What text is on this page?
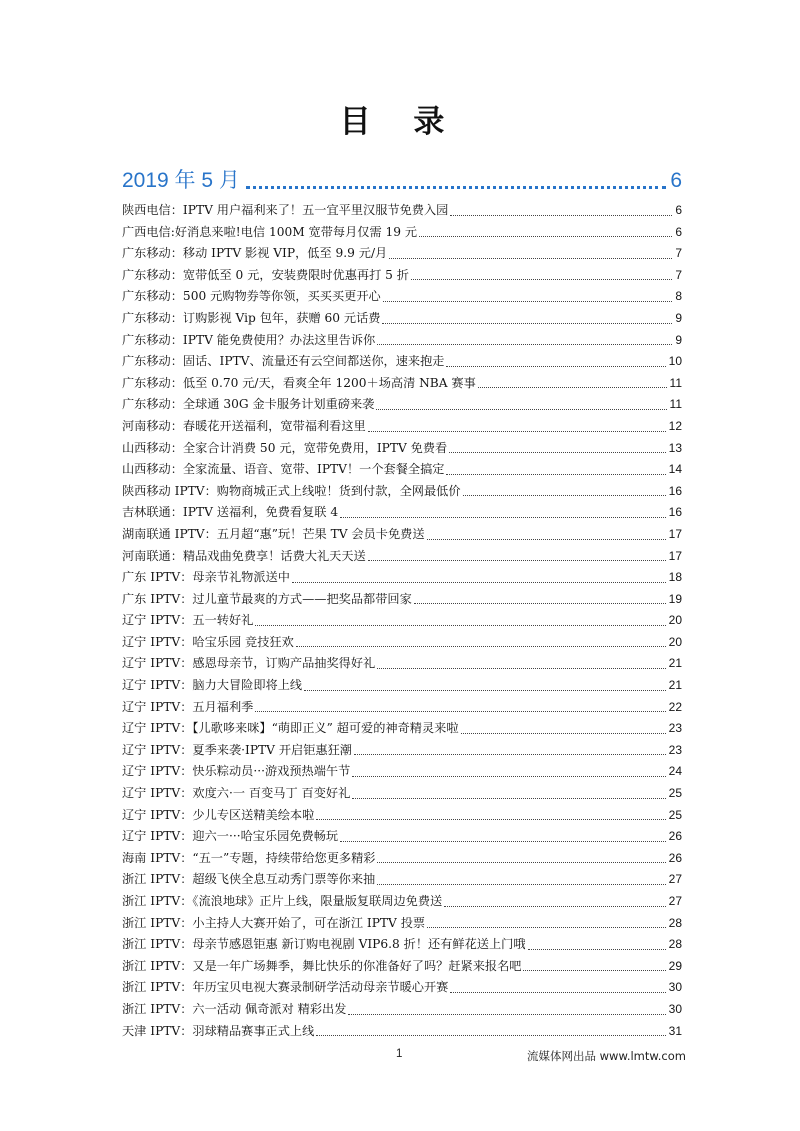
目 录
2019 年 5 月	6
陕西电信：IPTV 用户福利来了！五一宜平里汉服节免费入园	6
广西电信:好消息来啦!电信 100M 宽带每月仅需 19 元	6
广东移动：移动 IPTV 影视 VIP，低至 9.9 元/月	7
广东移动：宽带低至 0 元，安装费限时优惠再打 5 折	7
广东移动：500 元购物券等你领，买买买更开心	8
广东移动：订购影视 Vip 包年，获赠 60 元话费	9
广东移动：IPTV 能免费使用？办法这里告诉你	9
广东移动：固话、IPTV、流量还有云空间都送你，速来抱走	10
广东移动：低至 0.70 元/天，看爽全年 1200＋场高清 NBA 赛事	11
广东移动：全球通 30G 金卡服务计划重磅来袭	11
河南移动：春暖花开送福利，宽带福利看这里	12
山西移动：全家合计消费 50 元，宽带免费用，IPTV 免费看	13
山西移动：全家流量、语音、宽带、IPTV！一个套餐全搞定	14
陕西移动 IPTV：购物商城正式上线啦！货到付款，全网最低价	16
吉林联通：IPTV 送福利，免费看复联 4	16
湖南联通 IPTV：五月超“惠”玩！芒果 TV 会员卡免费送	17
河南联通：精品戏曲免费享！话费大礼天天送	17
广东 IPTV：母亲节礼物派送中	18
广东 IPTV：过儿童节最爽的方式——把奖品都带回家	19
辽宁 IPTV：五一转好礼	20
辽宁 IPTV：哈宝乐园 竞技狂欢	20
辽宁 IPTV：感恩母亲节，订购产品抽奖得好礼	21
辽宁 IPTV：脑力大冒险即将上线	21
辽宁 IPTV：五月福利季	22
辽宁 IPTV：【儿歌哆来咪】“萌即正义” 超可爱的神奇精灵来啦	23
辽宁 IPTV：夏季来袭·IPTV 开启钜惠狂潮	23
辽宁 IPTV：快乐粽动员···游戏预热端午节	24
辽宁 IPTV：欢度六·一 百变马丁 百变好礼	25
辽宁 IPTV：少儿专区送精美绘本啦	25
辽宁 IPTV：迎六一···哈宝乐园免费畅玩	26
海南 IPTV：“五一”专题，持续带给您更多精彩	26
浙江 IPTV：超级飞侠全息互动秀门票等你来抽	27
浙江 IPTV：《流浪地球》正片上线，限量版复联周边免费送	27
浙江 IPTV：小主持人大赛开始了，可在浙江 IPTV 投票	28
浙江 IPTV：母亲节感恩钜惠 新订购电视剧 VIP6.8 折！还有鲜花送上门哦	28
浙江 IPTV：又是一年广场舞季，舞比快乐的你准备好了吗？赶紧来报名吧	29
浙江 IPTV：年历宝贝电视大赛录制研学活动母亲节暖心开赛	30
浙江 IPTV：六一活动 佩奇派对 精彩出发	30
天津 IPTV：羽球精品赛事正式上线	31
1	流媒体网出品 www.lmtw.com
